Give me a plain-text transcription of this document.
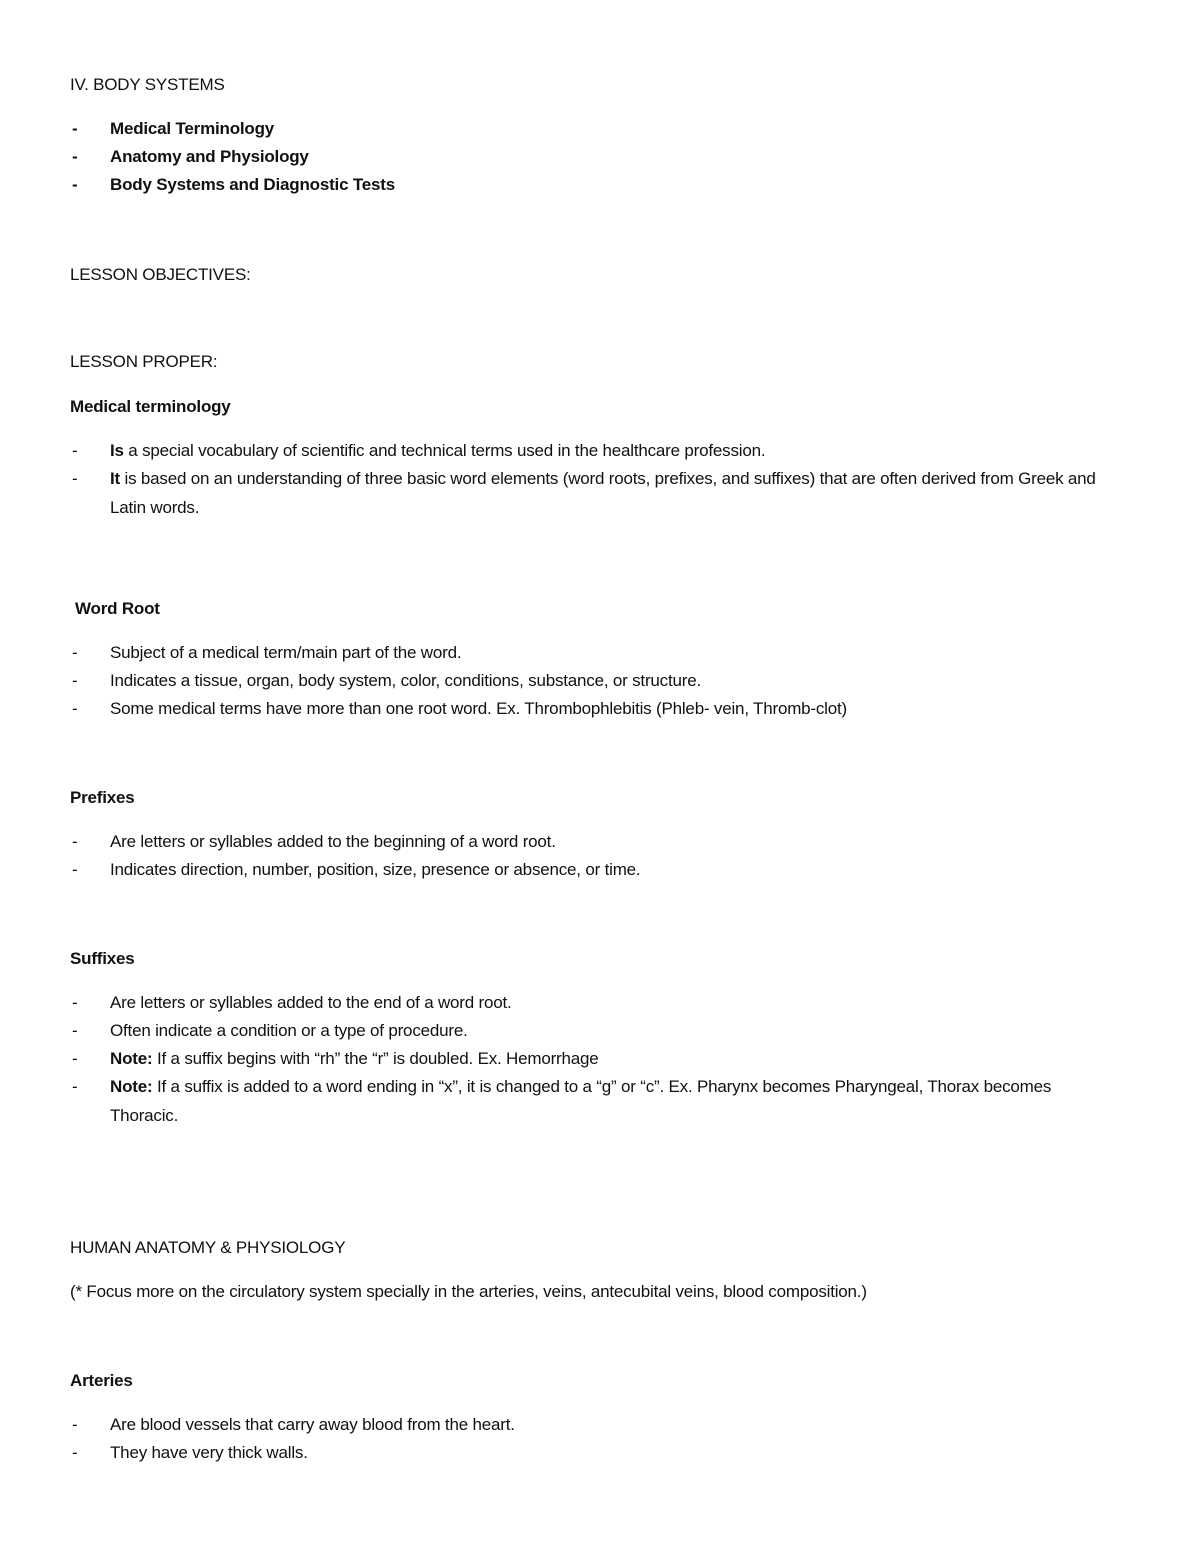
IV. BODY SYSTEMS
-	Medical Terminology
-	Anatomy and Physiology
-	Body Systems and Diagnostic Tests
LESSON OBJECTIVES:
LESSON PROPER:
Medical terminology
-	Is a special vocabulary of scientific and technical terms used in the healthcare profession.
-	It is based on an understanding of three basic word elements (word roots, prefixes, and suffixes) that are often derived from Greek and Latin words.
Word Root
-	Subject of a medical term/main part of the word.
-	Indicates a tissue, organ, body system, color, conditions, substance, or structure.
-	Some medical terms have more than one root word. Ex. Thrombophlebitis (Phleb- vein, Thromb-clot)
Prefixes
-	Are letters or syllables added to the beginning of a word root.
-	Indicates direction, number, position, size, presence or absence, or time.
Suffixes
-	Are letters or syllables added to the end of a word root.
-	Often indicate a condition or a type of procedure.
-	Note: If a suffix begins with “rh” the “r” is doubled. Ex. Hemorrhage
-	Note: If a suffix is added to a word ending in “x”, it is changed to a “g” or “c”. Ex. Pharynx becomes Pharyngeal, Thorax becomes Thoracic.
HUMAN ANATOMY & PHYSIOLOGY
(* Focus more on the circulatory system specially in the arteries, veins, antecubital veins, blood composition.)
Arteries
-	Are blood vessels that carry away blood from the heart.
-	They have very thick walls.
